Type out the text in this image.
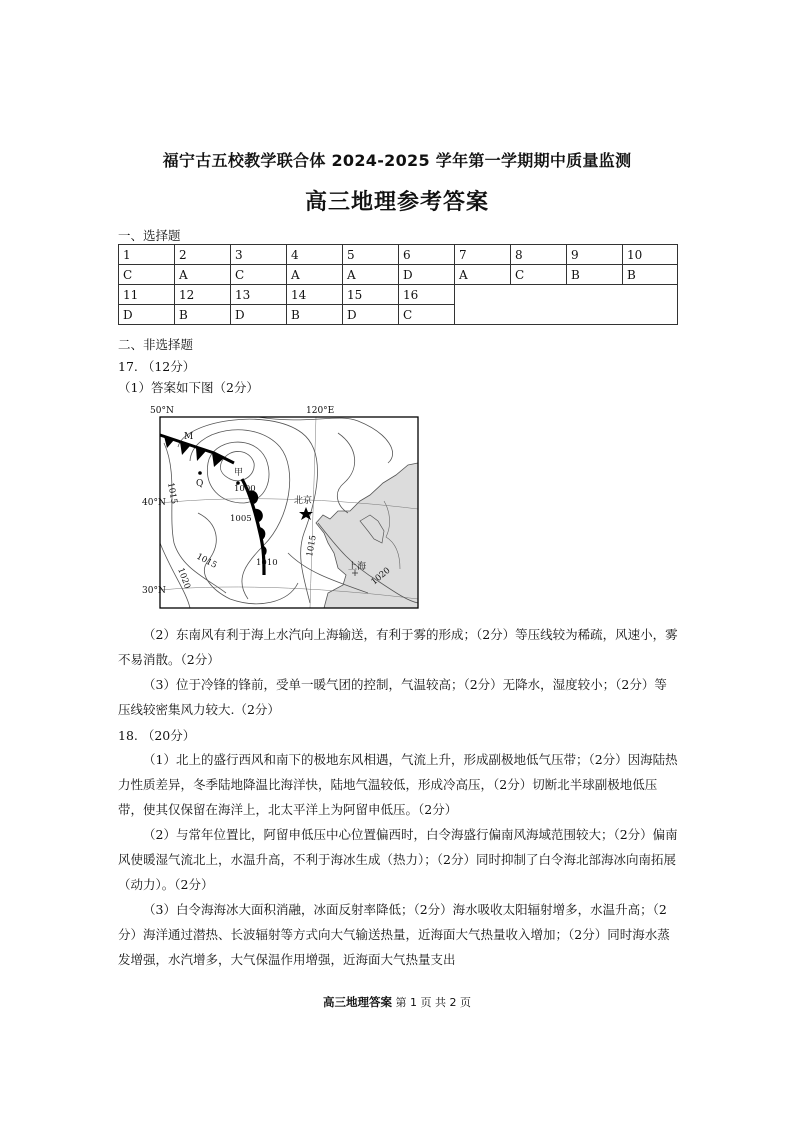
福宁古五校教学联合体 2024-2025 学年第一学期期中质量监测
高三地理参考答案
一、选择题
1	2	3	4	5	6	7	8	9	10
C	A	C	A	A	D	A	C	B	B
11	12	13	14	15	16				
D	B	D	B	D	C				
二、非选择题
17. （12分）
（1）答案如下图（2分）
50°N
40°N
30°N
120°E
M
Q
甲
北京
上海
1000
1005
1010
1015
1015
1015
1020	1020

（2）东南风有利于海上水汽向上海输送，有利于雾的形成；（2分）等压线较为稀疏，风速小，雾不易消散。（2分）

（3）位于冷锋的锋前，受单一暖气团的控制，气温较高；（2分）无降水，湿度较小；（2分）等压线较密集风力较大.（2分）

18. （20分）

（1）北上的盛行西风和南下的极地东风相遇，气流上升，形成副极地低气压带；（2分）因海陆热力性质差异，冬季陆地降温比海洋快，陆地气温较低，形成冷高压，（2分）切断北半球副极地低压带，使其仅保留在海洋上，北太平洋上为阿留申低压。（2分）

（2）与常年位置比，阿留申低压中心位置偏西时，白令海盛行偏南风海域范围较大；（2分）偏南风使暖湿气流北上，水温升高，不利于海冰生成（热力）；（2分）同时抑制了白令海北部海冰向南拓展（动力）。（2分）

（3）白令海海冰大面积消融，冰面反射率降低；（2分）海水吸收太阳辐射增多，水温升高；（2分）海洋通过潜热、长波辐射等方式向大气输送热量，近海面大气热量收入增加；（2分）同时海水蒸发增强，水汽增多，大气保温作用增强，近海面大气热量支出

高三地理答案 第 1 页 共 2 页
